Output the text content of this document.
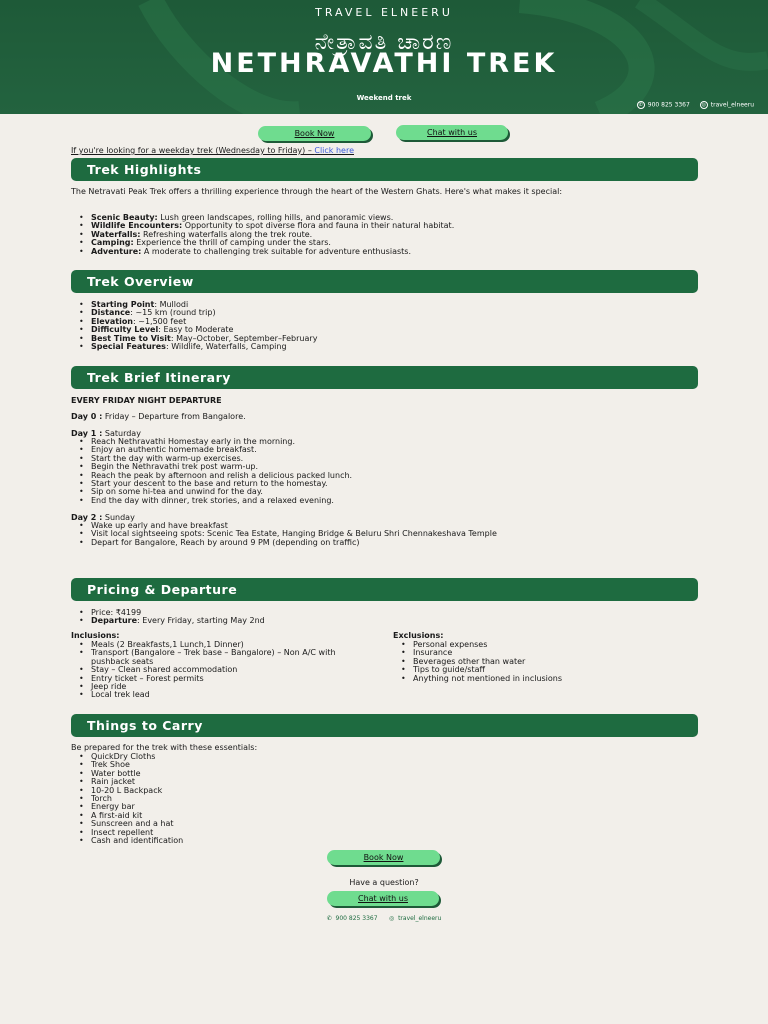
TRAVEL ELNEERU
ನೇತ್ರಾವತಿ ಚಾರಣ
NETHRAVATHI TREK
Weekend trek
✆ 900 825 3367	◎ travel_elneeru
Book Now	Chat with us
If you're looking for a weekday trek (Wednesday to Friday) – Click here
Trek Highlights
The Netravati Peak Trek offers a thrilling experience through the heart of the Western Ghats. Here's what makes it special:
• Scenic Beauty: Lush green landscapes, rolling hills, and panoramic views.
• Wildlife Encounters: Opportunity to spot diverse flora and fauna in their natural habitat.
• Waterfalls: Refreshing waterfalls along the trek route.
• Camping: Experience the thrill of camping under the stars.
• Adventure: A moderate to challenging trek suitable for adventure enthusiasts.
Trek Overview
• Starting Point: Mullodi
• Distance: ~15 km (round trip)
• Elevation: ~1,500 feet
• Difficulty Level: Easy to Moderate
• Best Time to Visit: May–October, September–February
• Special Features: Wildlife, Waterfalls, Camping
Trek Brief Itinerary
EVERY FRIDAY NIGHT DEPARTURE
Day 0 : Friday – Departure from Bangalore.
Day 1 : Saturday
• Reach Nethravathi Homestay early in the morning.
• Enjoy an authentic homemade breakfast.
• Start the day with warm-up exercises.
• Begin the Nethravathi trek post warm-up.
• Reach the peak by afternoon and relish a delicious packed lunch.
• Start your descent to the base and return to the homestay.
• Sip on some hi-tea and unwind for the day.
• End the day with dinner, trek stories, and a relaxed evening.
Day 2 : Sunday
• Wake up early and have breakfast
• Visit local sightseeing spots: Scenic Tea Estate, Hanging Bridge & Beluru Shri Chennakeshava Temple
• Depart for Bangalore, Reach by around 9 PM (depending on traffic)
Pricing & Departure
• Price: ₹4199
• Departure: Every Friday, starting May 2nd
Inclusions:
• Meals (2 Breakfasts,1 Lunch,1 Dinner)
• Transport (Bangalore – Trek base – Bangalore) – Non A/C with pushback seats
• Stay – Clean shared accommodation
• Entry ticket – Forest permits
• Jeep ride
• Local trek lead
Exclusions:
• Personal expenses
• Insurance
• Beverages other than water
• Tips to guide/staff
• Anything not mentioned in inclusions
Things to Carry
Be prepared for the trek with these essentials:
• QuickDry Cloths
• Trek Shoe
• Water bottle
• Rain jacket
• 10-20 L Backpack
• Torch
• Energy bar
• A first-aid kit
• Sunscreen and a hat
• Insect repellent
• Cash and identification
Book Now
Have a question?
Chat with us
✆ 900 825 3367 ◎ travel_elneeru
